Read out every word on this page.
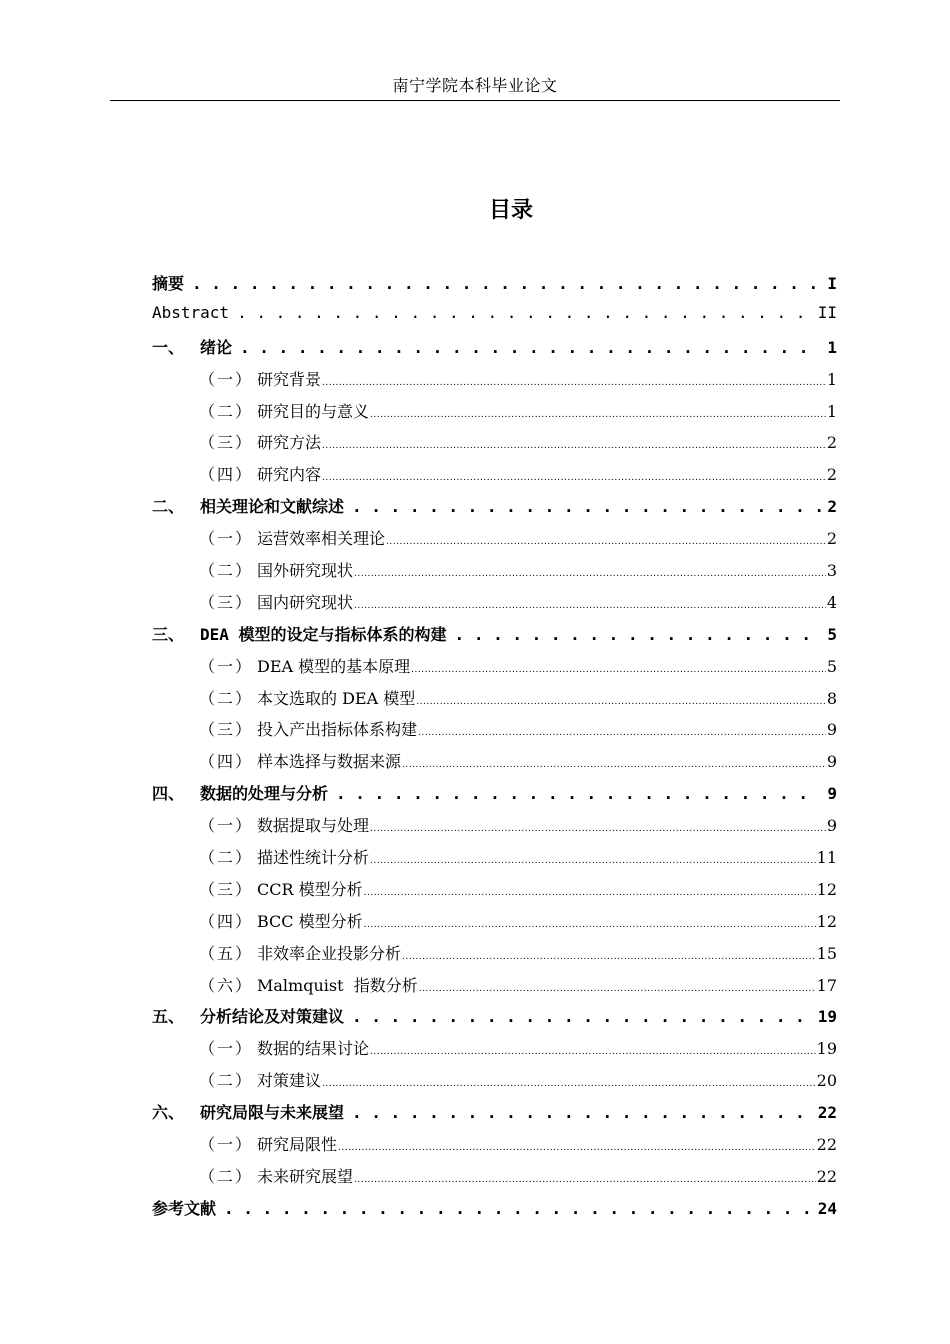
南宁学院本科毕业论文
目录
摘要 . . .	I
Abstract . . .	II
一、 绪论 . . .	1
（一） 研究背景 .....	1
（二） 研究目的与意义 .....	1
（三） 研究方法 .....	2
（四） 研究内容 .....	2
二、 相关理论和文献综述 . . .	2
（一） 运营效率相关理论 .....	2
（二） 国外研究现状 .....	3
（三） 国内研究现状 .....	4
三、 DEA 模型的设定与指标体系的构建 . . .	5
（一） DEA 模型的基本原理 .....	5
（二） 本文选取的 DEA 模型 .....	8
（三） 投入产出指标体系构建 .....	9
（四） 样本选择与数据来源 .....	9
四、 数据的处理与分析 . . .	9
（一） 数据提取与处理 .....	9
（二） 描述性统计分析 .....	11
（三） CCR 模型分析 .....	12
（四） BCC 模型分析 .....	12
（五） 非效率企业投影分析 .....	15
（六） Malmquist  指数分析 .....	17
五、 分析结论及对策建议 . . .	19
（一） 数据的结果讨论 .....	19
（二） 对策建议 .....	20
六、 研究局限与未来展望 . . .	22
（一） 研究局限性 .....	22
（二） 未来研究展望 .....	22
参考文献 . . .	24
